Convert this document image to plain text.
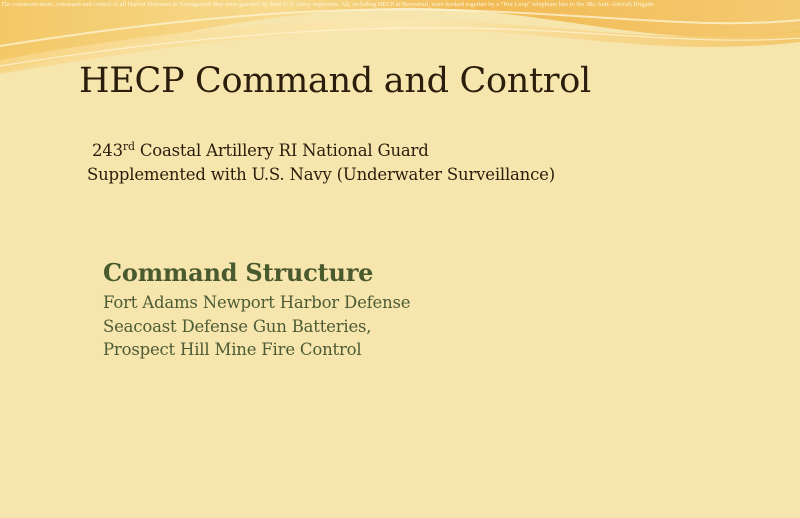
The communication, command and control of all Harbor Defenses in Narragansett Bay were guarded by three U.S. Army regiments. All, including HECP at Beavertail, were hooked together by a "Hot Loop" telephone line to the 38th Anti- Aircraft Brigade
HECP Command and Control
243rd Coastal Artillery RI National Guard
Supplemented with U.S. Navy (Underwater Surveillance)
Command Structure
Fort Adams Newport Harbor Defense
Seacoast Defense Gun Batteries,
Prospect Hill Mine Fire Control
